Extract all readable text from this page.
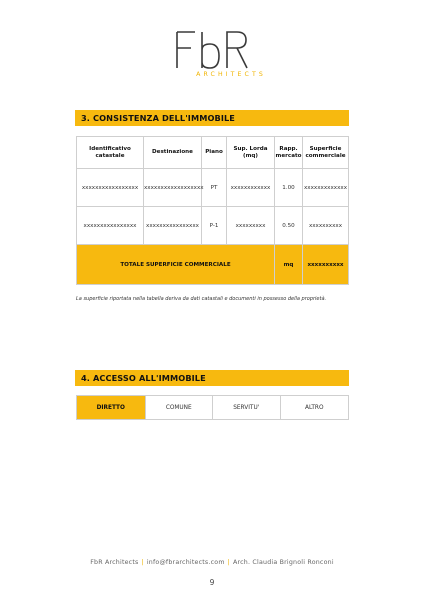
ARCHITECTS
3. CONSISTENZA DELL'IMMOBILE
Identificativo catastale	Destinazione	Piano	Sup. Lorda (mq)	Rapp. mercato	Superficie commerciale
xxxxxxxxxxxxxxxxx	xxxxxxxxxxxxxxxxxx	PT	xxxxxxxxxxxx	1.00	xxxxxxxxxxxxx
xxxxxxxxxxxxxxxx	xxxxxxxxxxxxxxxx	P-1	xxxxxxxxx	0.50	xxxxxxxxxx
TOTALE SUPERFICIE COMMERCIALE				mq	xxxxxxxxxx
La superficie riportata nella tabella deriva da dati catastali e documenti in possesso della proprietà.
4. ACCESSO ALL'IMMOBILE
DIRETTO	COMUNE	SERVITU'	ALTRO
FbR Architects | info@fbrarchitects.com | Arch. Claudia Brignoli Ronconi
9
